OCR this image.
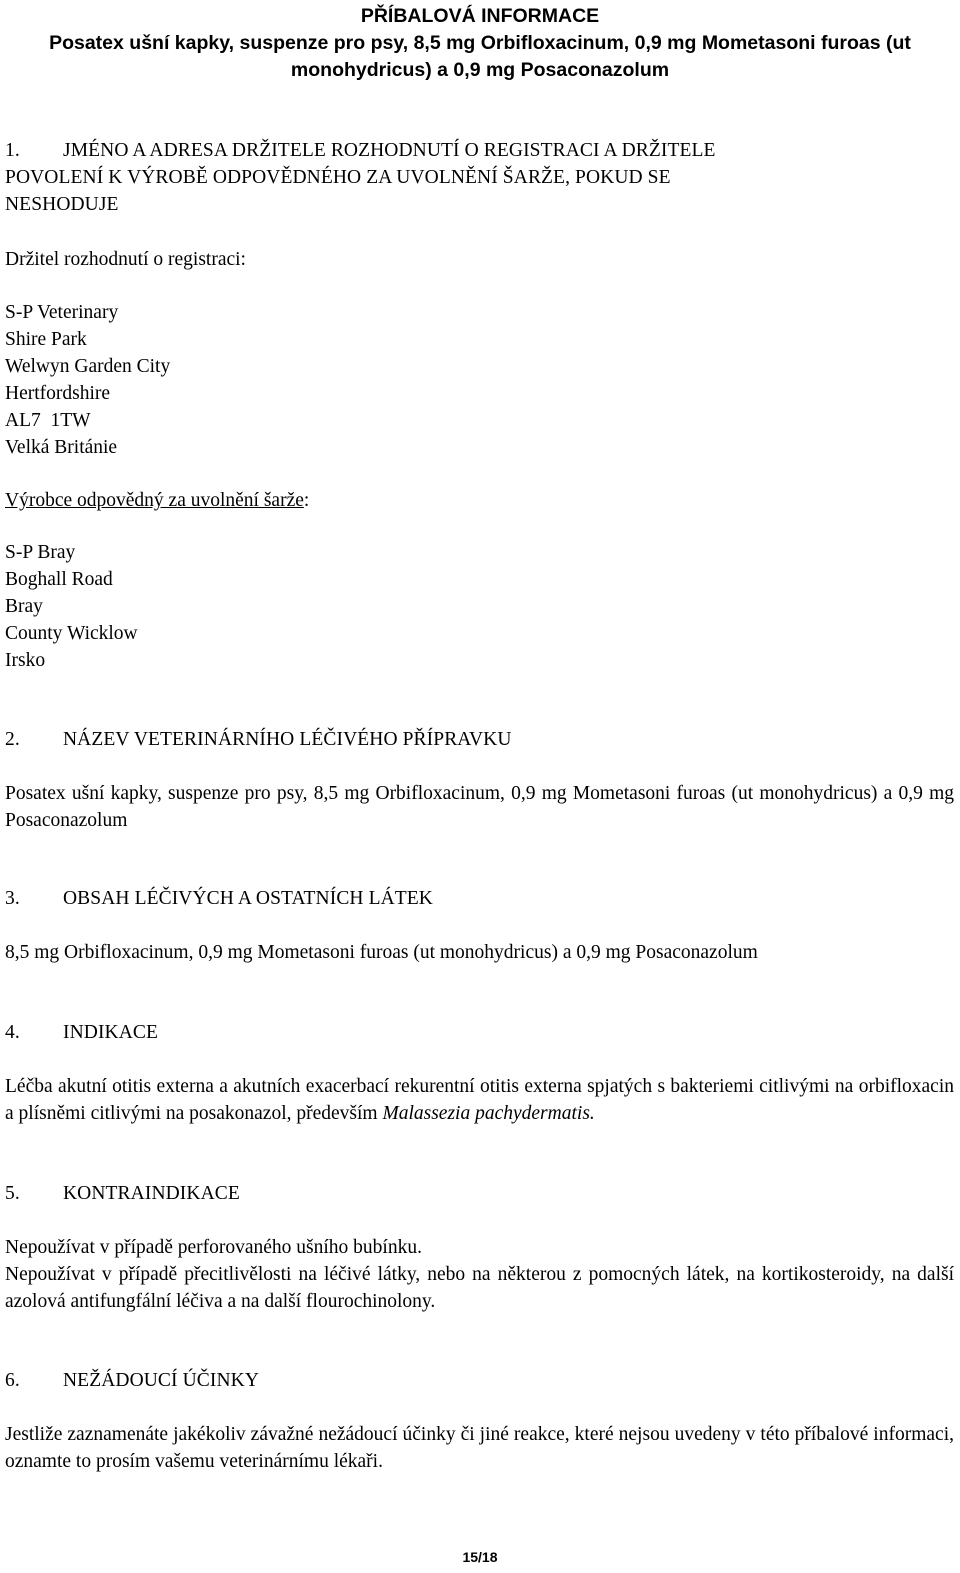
PŘÍBALOVÁ INFORMACE
Posatex ušní kapky, suspenze pro psy, 8,5 mg Orbifloxacinum, 0,9 mg Mometasoni furoas (ut
monohydricus) a 0,9 mg Posaconazolum
1. JMÉNO A ADRESA DRŽITELE ROZHODNUTÍ O REGISTRACI A DRŽITELE
POVOLENÍ K VÝROBĚ ODPOVĚDNÉHO ZA UVOLNĚNÍ ŠARŽE, POKUD SE
NESHODUJE
Držitel rozhodnutí o registraci:
S-P Veterinary
Shire Park
Welwyn Garden City
Hertfordshire
AL7  1TW
Velká Británie
Výrobce odpovědný za uvolnění šarže:
S-P Bray
Boghall Road
Bray
County Wicklow
Irsko
2. NÁZEV VETERINÁRNÍHO LÉČIVÉHO PŘÍPRAVKU
Posatex ušní kapky, suspenze pro psy, 8,5 mg Orbifloxacinum, 0,9 mg Mometasoni furoas (ut monohydricus) a 0,9 mg Posaconazolum
3. OBSAH LÉČIVÝCH A OSTATNÍCH LÁTEK
8,5 mg Orbifloxacinum, 0,9 mg Mometasoni furoas (ut monohydricus) a 0,9 mg Posaconazolum
4. INDIKACE
Léčba akutní otitis externa a akutních exacerbací rekurentní otitis externa spjatých s bakteriemi citlivými na orbifloxacin a plísněmi citlivými na posakonazol, především Malassezia pachydermatis.
5. KONTRAINDIKACE
Nepoužívat v případě perforovaného ušního bubínku.
Nepoužívat v případě přecitlivělosti na léčivé látky, nebo na některou z pomocných látek, na kortikosteroidy, na další azolová antifungfální léčiva a na další flourochinolony.
6. NEŽÁDOUCÍ ÚČINKY
Jestliže zaznamenáte jakékoliv závažné nežádoucí účinky či jiné reakce, které nejsou uvedeny v této příbalové informaci, oznamte to prosím vašemu veterinárnímu lékaři.
15/18
